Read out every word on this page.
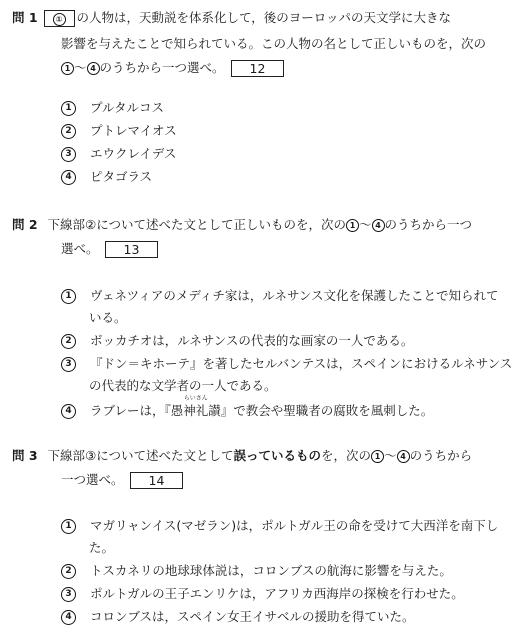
問 1 ① の人物は，天動説を体系化して，後のヨーロッパの天文学に大きな
影響を与えたことで知られている。この人物の名として正しいものを，次の
1 ～ 4 のうちから一つ選べ。 12
1 プルタルコス
2 プトレマイオス
3 エウクレイデス
4 ピタゴラス
問 2 下線部②について述べた文として正しいものを，次の 1 ～ 4 のうちから一つ
選べ。 13
1 ヴェネツィアのメディチ家は，ルネサンス文化を保護したことで知られて
いる。
2 ボッカチオは，ルネサンスの代表的な画家の一人である。
3 『ドン＝キホーテ』を著したセルバンテスは，スペインにおけるルネサンス
の代表的な文学者の一人である。
4 ラブレーは，『
らいさん
愚神礼讃』で教会や聖職者の腐敗を風刺した。
問 3 下線部③について述べた文として誤っているものを，次の 1 ～ 4 のうちから
一つ選べ。 14
1 マガリャンイス(マゼラン)は，ポルトガル王の命を受けて大西洋を南下し
た。
2 トスカネリの地球球体説は，コロンブスの航海に影響を与えた。
3 ポルトガルの王子エンリケは，アフリカ西海岸の探検を行わせた。
4 コロンブスは，スペイン女王イサベルの援助を得ていた。
